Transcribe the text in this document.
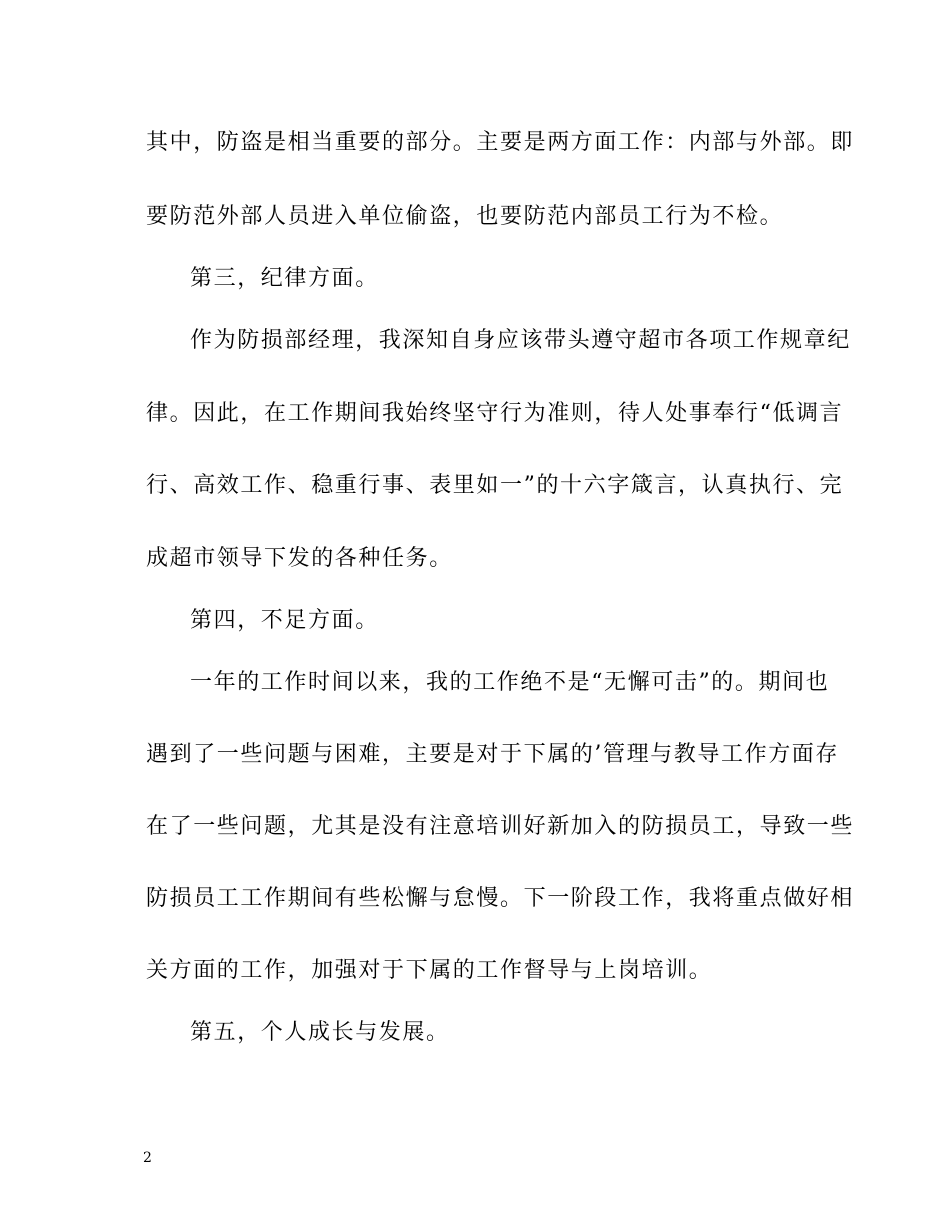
其中，防盗是相当重要的部分。主要是两方面工作：内部与外部。即
要防范外部人员进入单位偷盗，也要防范内部员工行为不检。
第三，纪律方面。
作为防损部经理，我深知自身应该带头遵守超市各项工作规章纪
律。因此，在工作期间我始终坚守行为准则，待人处事奉行“低调言
行、高效工作、稳重行事、表里如一”的十六字箴言，认真执行、完
成超市领导下发的各种任务。
第四，不足方面。
一年的工作时间以来，我的工作绝不是“无懈可击”的。期间也
遇到了一些问题与困难，主要是对于下属的’管理与教导工作方面存
在了一些问题，尤其是没有注意培训好新加入的防损员工，导致一些
防损员工工作期间有些松懈与怠慢。下一阶段工作，我将重点做好相
关方面的工作，加强对于下属的工作督导与上岗培训。
第五，个人成长与发展。
2
